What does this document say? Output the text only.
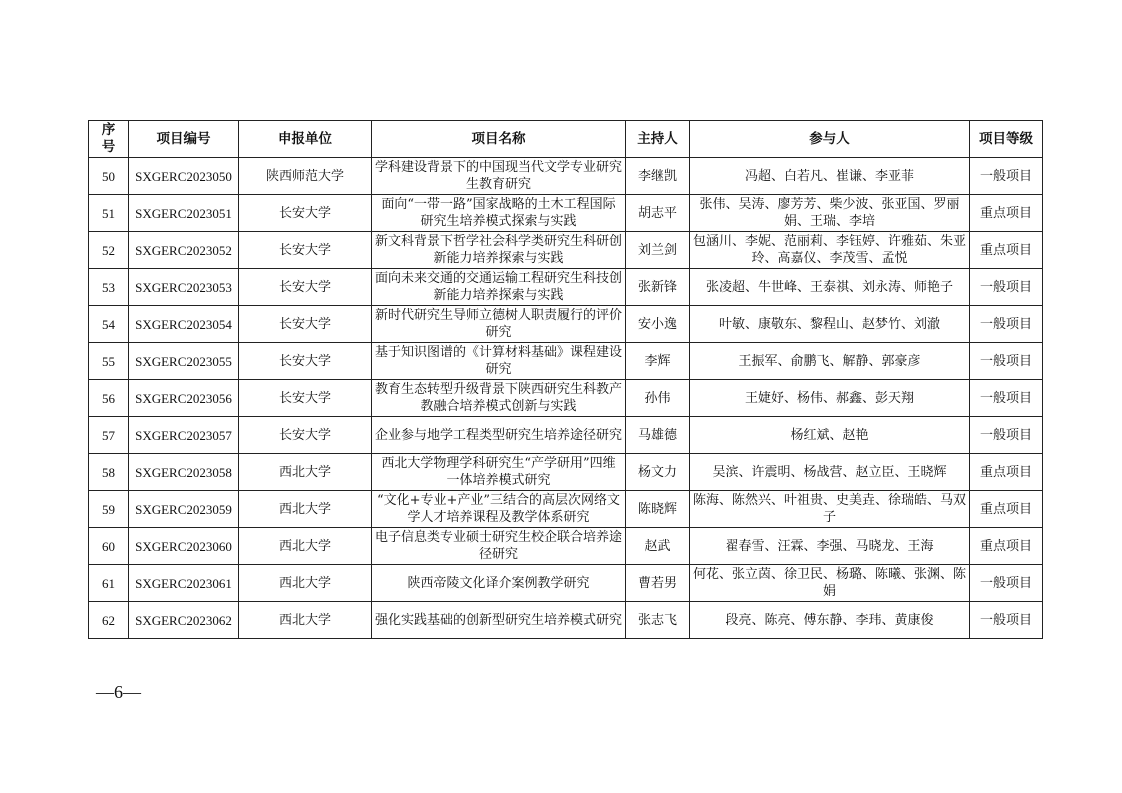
序号	项目编号	申报单位	项目名称	主持人	参与人	项目等级
50	SXGERC2023050	陕西师范大学	学科建设背景下的中国现当代文学专业研究生教育研究	李继凯	冯超、白若凡、崔谦、李亚菲	一般项目
51	SXGERC2023051	长安大学	面向“一带一路”国家战略的土木工程国际研究生培养模式探索与实践	胡志平	张伟、吴涛、廖芳芳、柴少波、张亚国、罗丽娟、王瑞、李培	重点项目
52	SXGERC2023052	长安大学	新文科背景下哲学社会科学类研究生科研创新能力培养探索与实践	刘兰剑	包涵川、李妮、范丽莉、李钰婷、许雅茹、朱亚玲、高嘉仪、李茂雪、孟悦	重点项目
53	SXGERC2023053	长安大学	面向未来交通的交通运输工程研究生科技创新能力培养探索与实践	张新锋	张凌超、牛世峰、王泰祺、刘永涛、师艳子	一般项目
54	SXGERC2023054	长安大学	新时代研究生导师立德树人职责履行的评价研究	安小逸	叶敏、康敬东、黎程山、赵梦竹、刘澈	一般项目
55	SXGERC2023055	长安大学	基于知识图谱的《计算材料基础》课程建设研究	李辉	王振军、俞鹏飞、解静、郭豪彦	一般项目
56	SXGERC2023056	长安大学	教育生态转型升级背景下陕西研究生科教产教融合培养模式创新与实践	孙伟	王婕妤、杨伟、郝鑫、彭天翔	一般项目
57	SXGERC2023057	长安大学	企业参与地学工程类型研究生培养途径研究	马雄德	杨红斌、赵艳	一般项目
58	SXGERC2023058	西北大学	西北大学物理学科研究生“产学研用”四维一体培养模式研究	杨文力	吴滨、许震明、杨战营、赵立臣、王晓辉	重点项目
59	SXGERC2023059	西北大学	“文化+专业+产业”三结合的高层次网络文学人才培养课程及教学体系研究	陈晓辉	陈海、陈然兴、叶祖贵、史美垚、徐瑞皓、马双子	重点项目
60	SXGERC2023060	西北大学	电子信息类专业硕士研究生校企联合培养途径研究	赵武	翟春雪、汪霖、李强、马晓龙、王海	重点项目
61	SXGERC2023061	西北大学	陕西帝陵文化译介案例教学研究	曹若男	何花、张立茵、徐卫民、杨璐、陈曦、张渊、陈娟	一般项目
62	SXGERC2023062	西北大学	强化实践基础的创新型研究生培养模式研究	张志飞	段亮、陈亮、傅东静、李玮、黄康俊	一般项目
—6—
